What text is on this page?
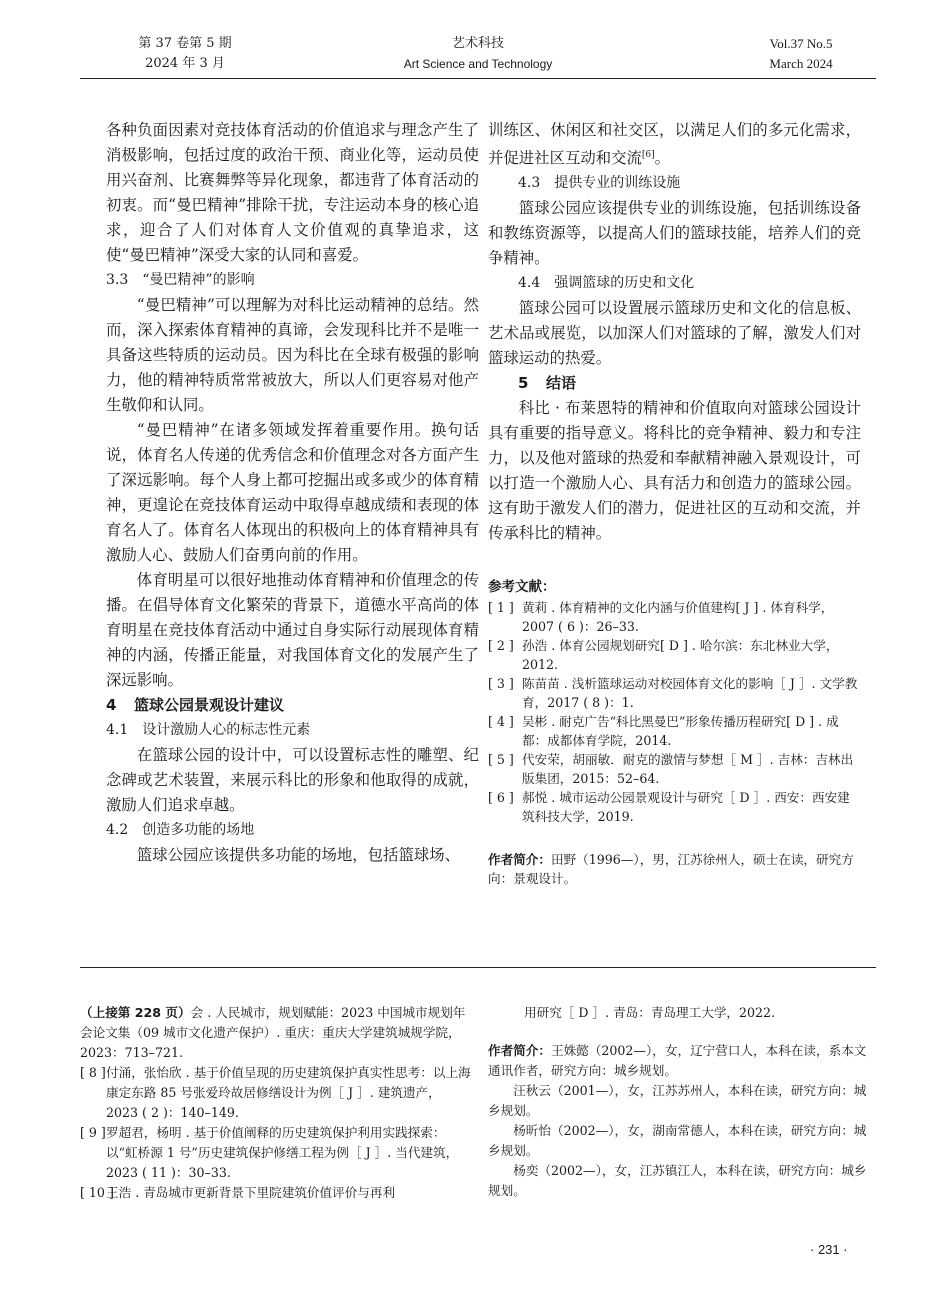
第 37 卷第 5 期
2024 年 3 月
艺术科技
Art Science and Technology
Vol.37 No.5
March 2024

各种负面因素对竞技体育活动的价值追求与理念产生了消极影响，包括过度的政治干预、商业化等，运动员使用兴奋剂、比赛舞弊等异化现象，都违背了体育活动的初衷。而“曼巴精神”排除干扰，专注运动本身的核心追求，迎合了人们对体育人文价值观的真挚追求，这使“曼巴精神”深受大家的认同和喜爱。

3.3　“曼巴精神”的影响

“曼巴精神”可以理解为对科比运动精神的总结。然而，深入探索体育精神的真谛，会发现科比并不是唯一具备这些特质的运动员。因为科比在全球有极强的影响力，他的精神特质常常被放大，所以人们更容易对他产生敬仰和认同。

“曼巴精神”在诸多领域发挥着重要作用。换句话说，体育名人传递的优秀信念和价值理念对各方面产生了深远影响。每个人身上都可挖掘出或多或少的体育精神，更遑论在竞技体育运动中取得卓越成绩和表现的体育名人了。体育名人体现出的积极向上的体育精神具有激励人心、鼓励人们奋勇向前的作用。

体育明星可以很好地推动体育精神和价值理念的传播。在倡导体育文化繁荣的背景下，道德水平高尚的体育明星在竞技体育活动中通过自身实际行动展现体育精神的内涵，传播正能量，对我国体育文化的发展产生了深远影响。

4 篮球公园景观设计建议
4.1　设计激励人心的标志性元素

在篮球公园的设计中，可以设置标志性的雕塑、纪念碑或艺术装置，来展示科比的形象和他取得的成就，激励人们追求卓越。

4.2　创造多功能的场地

篮球公园应该提供多功能的场地，包括篮球场、

训练区、休闲区和社交区，以满足人们的多元化需求，并促进社区互动和交流[6]。

4.3　提供专业的训练设施

篮球公园应该提供专业的训练设施，包括训练设备和教练资源等，以提高人们的篮球技能，培养人们的竞争精神。

4.4　强调篮球的历史和文化

篮球公园可以设置展示篮球历史和文化的信息板、艺术品或展览，以加深人们对篮球的了解，激发人们对篮球运动的热爱。

5 结语

科比 · 布莱恩特的精神和价值取向对篮球公园设计具有重要的指导意义。将科比的竞争精神、毅力和专注力，以及他对篮球的热爱和奉献精神融入景观设计，可以打造一个激励人心、具有活力和创造力的篮球公园。这有助于激发人们的潜力，促进社区的互动和交流，并传承科比的精神。

参考文献：
[ 1 ] 黄莉 . 体育精神的文化内涵与价值建构[ J ] . 体育科学，2007 ( 6 )：26–33.
[ 2 ] 孙浩 . 体育公园规划研究[ D ] . 哈尔滨：东北林业大学，2012.
[ 3 ] 陈苗苗 . 浅析篮球运动对校园体育文化的影响［ J ］. 文学教育，2017 ( 8 )：1.
[ 4 ] 吴彬 . 耐克广告“科比黑曼巴”形象传播历程研究[ D ] . 成都：成都体育学院，2014.
[ 5 ] 代安荣，胡丽敏．耐克的激情与梦想［ M ］. 吉林：吉林出版集团，2015：52–64.
[ 6 ] 郝悦 . 城市运动公园景观设计与研究［ D ］. 西安：西安建筑科技大学，2019.
作者简介：田野（1996—），男，江苏徐州人，硕士在读，研究方向：景观设计。
（上接第 228 页）会 . 人民城市，规划赋能：2023 中国城市规划年会论文集（09 城市文化遗产保护）. 重庆：重庆大学建筑城规学院，2023：713–721.
[ 8 ] 付涌，张怡欣 . 基于价值呈现的历史建筑保护真实性思考：以上海康定东路 85 号张爱玲故居修缮设计为例［ J ］. 建筑遗产，2023 ( 2 )：140–149.
[ 9 ] 罗超君，杨明 . 基于价值阐释的历史建筑保护利用实践探索：以“虹桥源 1 号”历史建筑保护修缮工程为例［ J ］. 当代建筑，2023 ( 11 )：30–33.
[ 10 ]
王浩 . 青岛城市更新背景下里院建筑价值评价与再利
用研究［ D ］. 青岛：青岛理工大学，2022.
作者简介：王姝懿（2002—），女，辽宁营口人，本科在读，系本文通讯作者，研究方向：城乡规划。
汪秋云（2001—），女，江苏苏州人，本科在读，研究方向：城乡规划。
杨昕怡（2002—），女，湖南常德人，本科在读，研究方向：城乡规划。
杨奕（2002—），女，江苏镇江人，本科在读，研究方向：城乡规划。
· 231 ·
